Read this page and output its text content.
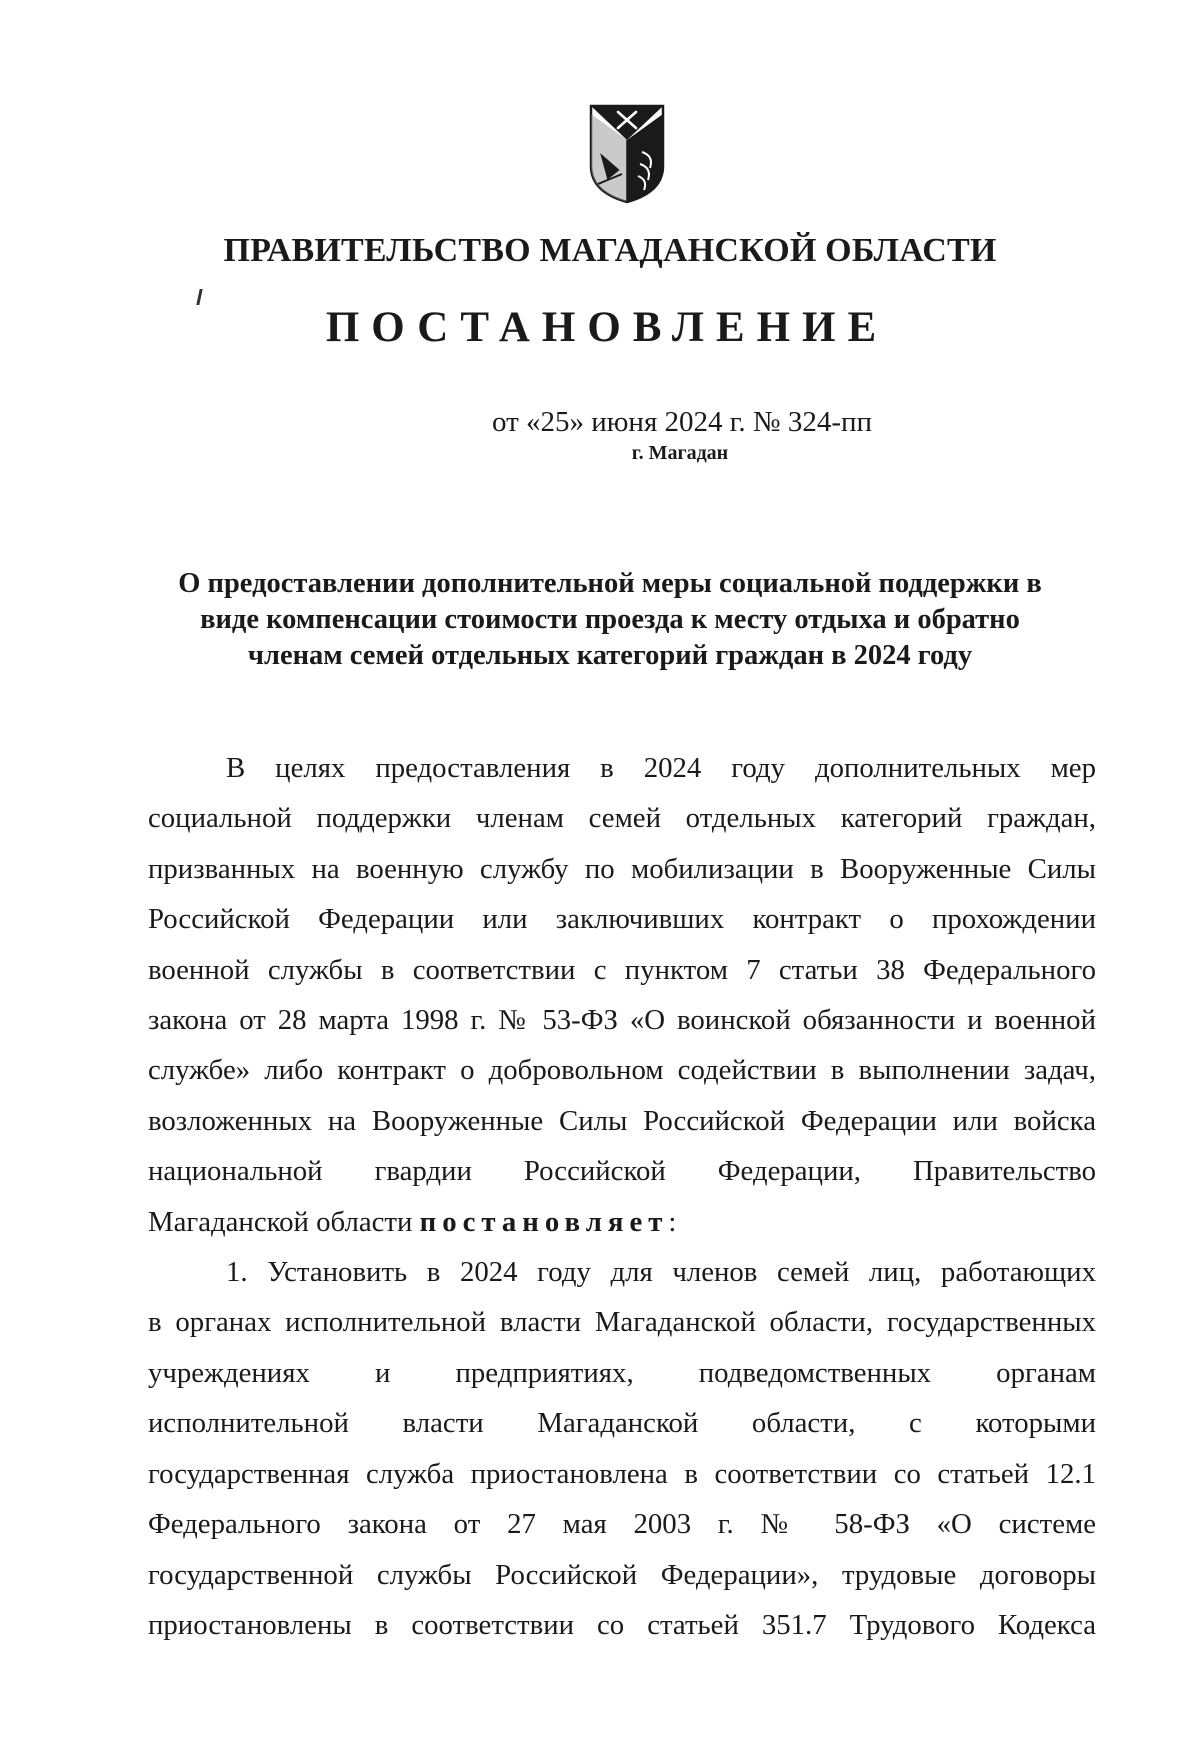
ПРАВИТЕЛЬСТВО МАГАДАНСКОЙ ОБЛАСТИ
ПОСТАНОВЛЕНИЕ
от «25» июня 2024 г. № 324-пп
г. Магадан
О предоставлении дополнительной меры социальной поддержки в
виде компенсации стоимости проезда к месту отдыха и обратно
членам семей отдельных категорий граждан в 2024 году

В целях предоставления в 2024 году дополнительных мер
социальной поддержки членам семей отдельных категорий граждан,
призванных на военную службу по мобилизации в Вооруженные Силы
Российской Федерации или заключивших контракт о прохождении
военной службы в соответствии с пунктом 7 статьи 38 Федерального
закона от 28 марта 1998 г. № 53-ФЗ «О воинской обязанности и военной
службе» либо контракт о добровольном содействии в выполнении задач,
возложенных на Вооруженные Силы Российской Федерации или войска
национальной гвардии Российской Федерации, Правительство
Магаданской области постановляет:

1. Установить в 2024 году для членов семей лиц, работающих
в органах исполнительной власти Магаданской области, государственных
учреждениях и предприятиях, подведомственных органам
исполнительной власти Магаданской области, с которыми
государственная служба приостановлена в соответствии со статьей 12.1
Федерального закона от 27 мая 2003 г. № 58-ФЗ «О системе
государственной службы Российской Федерации», трудовые договоры
приостановлены в соответствии со статьей 351.7 Трудового Кодекса
